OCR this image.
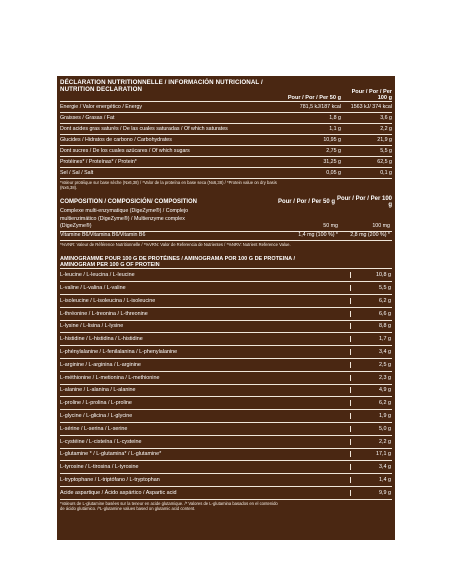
DÉCLARATION NUTRITIONNELLE / INFORMACIÓN NUTRICIONAL /
NUTRITION DECLARATION
Pour / Por / Per 50 g
Pour / Por / Per 100 g
Énergie / Valor energético / Energy	781,5 kJ/187 kcal	1563 kJ/ 374 kcal
Graisses / Grasas / Fat	1,8 g	3,6 g
Dont acides gras saturés / De las cuales saturadas / Of which saturates	1,1 g	2,2 g
Glucides / Hidratos de carbono / Carbohydrates	10,95 g	21,9 g
Dont sucres / De los cuales azúcares / Of which sugars	2,75 g	5,5 g
Protéines* / Proteínas* / Protein*	31,25 g	62,5 g
Sel / Sal / Salt	0,05 g	0,1 g
*Valeur protéique sur base sèche (Nx6,38) / *Valor de la proteína en base seca (Nx6,38) / *Protein value on dry basis
(Nx6,38).
COMPOSITION / COMPOSICIÓN/ COMPOSITION	Pour / Por / Per 50 g Pour / Por / Per 100 g
Complexe multi-enzymatique (DigeZyme®) / Complejo
multienzimático (DigeZyme®) / Multienzyme complex
(DigeZyme®)	50 mg	100 mg
Vitamine B6/Vitamina B6/Vitamin B6	1,4 mg (100 %) *	2,8 mg (200 %) *
*%VNR: Valeur de Référence Nutritionnelle / *%VRN: Valor de Referencia de Nutrientes / *%NRV: Nutrient Reference Value.
AMINOGRAMME POUR 100 G DE PROTÉINES / AMINOGRAMA POR 100 G DE PROTEINA /
AMINOGRAM PER 100 G OF PROTEIN
L-leucine / L-leucina / L-leucine	10,8 g
L-valine / L-valina / L-valine	5,5 g
L-isoleucine / L-isoleucina / L-isoleucine	6,2 g
L-thréonine / L-treonina / L-threonine	6,6 g
L-lysine / L-lisina / L-lysine	8,8 g
L-histidine / L-histidina / L-histidine	1,7 g
L-phénylalanine / L-fenilalanina / L-phenylalanine	3,4 g
L-arginine / L-arginina / L-arginine	2,5 g
L-méthionine / L-metionina / L-methionine	2,3 g
L-alanine / L-alanina / L-alanine	4,9 g
L-proline / L-prolina / L-proline	6,2 g
L-glycine / L-glicina / L-glycine	1,9 g
L-sérine / L-serina / L-serine	5,0 g
L-cystéine / L-cisteína / L-cysteine	2,2 g
L-glutamine * / L-glutamina* / L-glutamine*	17,1 g
L-tyrosine / L-tirosina / L-tyrosine	3,4 g
L-tryptophane / L-triptófano / L-tryptophan	1,4 g
Acide aspartique / Ácido aspártico / Aspartic acid	9,9 g
*Valeurs de L-glutamine basées sur la teneur en acide glutamique. /* Valores de L-glutamina basados en el contenido
de ácido glutámico. /*L-glutamine values based on glutamic acid content.
